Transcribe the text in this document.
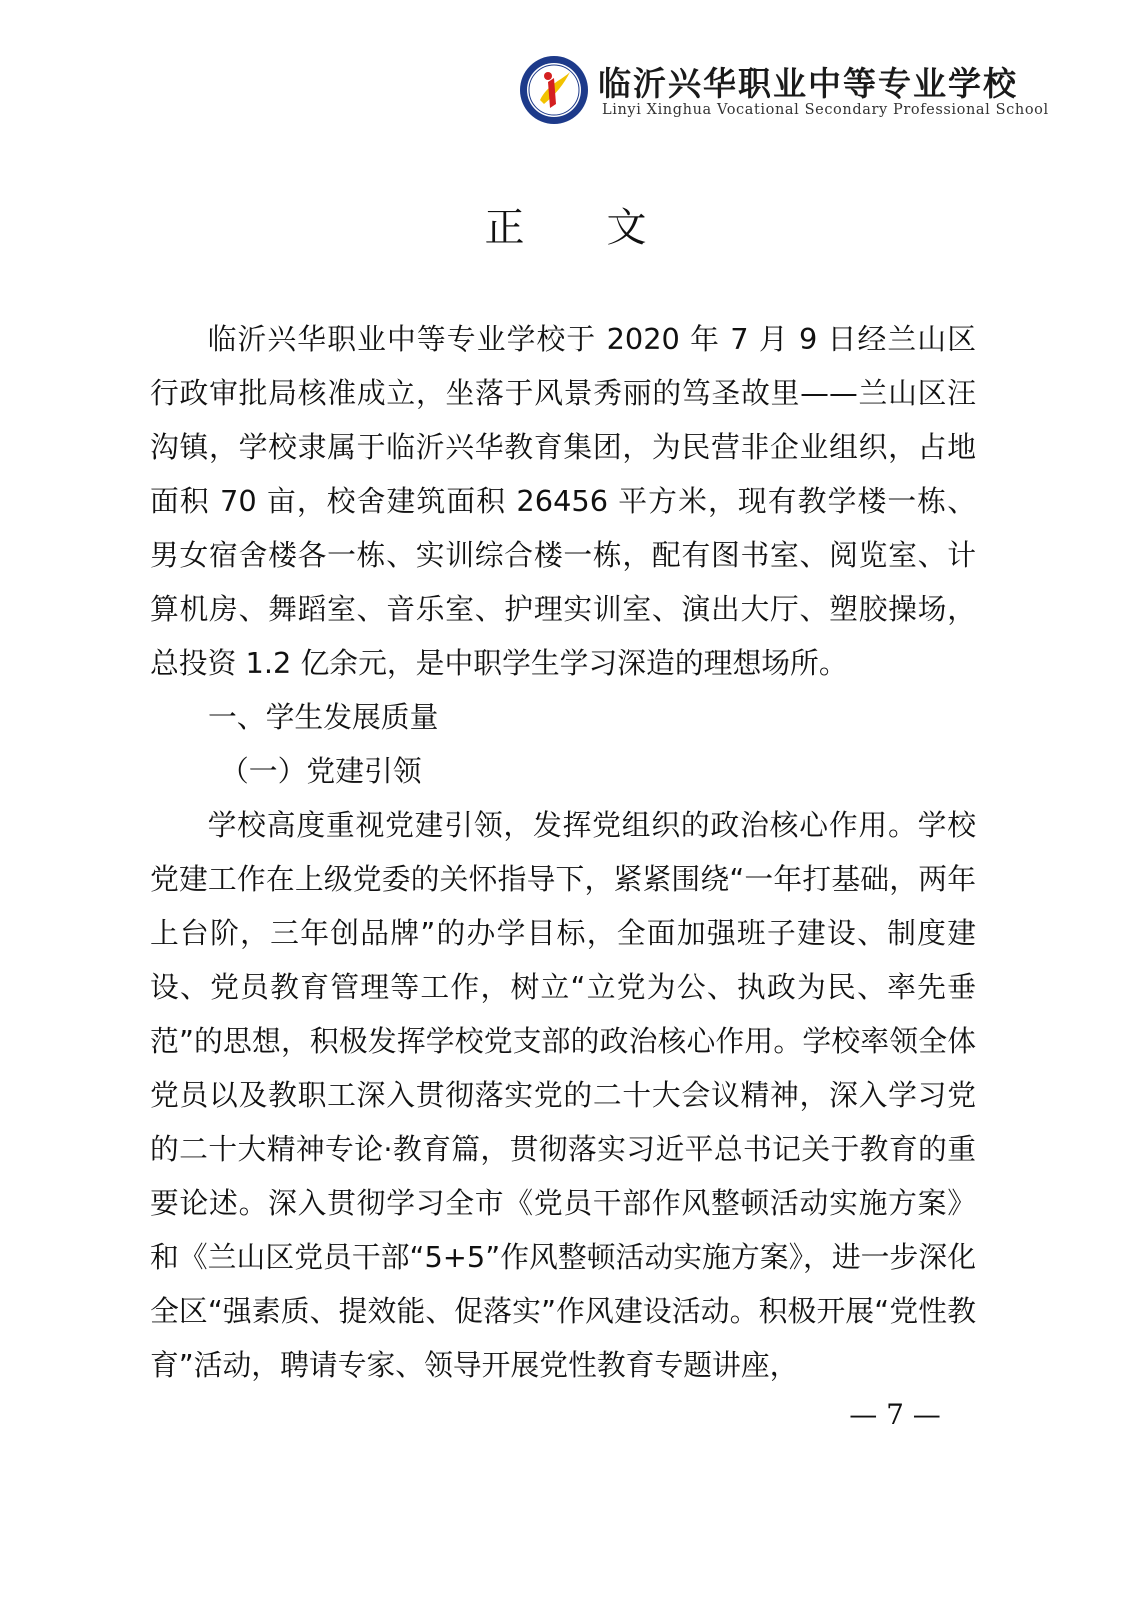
临沂兴华职业中等专业学校
Linyi Xinghua Vocational Secondary Professional School
正文

临沂兴华职业中等专业学校于 2020 年 7 月 9 日经兰山区行政审批局核准成立，坐落于风景秀丽的笃圣故里——兰山区汪沟镇，学校隶属于临沂兴华教育集团，为民营非企业组织，占地面积 70 亩，校舍建筑面积 26456 平方米，现有教学楼一栋、男女宿舍楼各一栋、实训综合楼一栋，配有图书室、阅览室、计算机房、舞蹈室、音乐室、护理实训室、演出大厅、塑胶操场，总投资 1.2 亿余元，是中职学生学习深造的理想场所。

一、学生发展质量
（一）党建引领

学校高度重视党建引领，发挥党组织的政治核心作用。学校党建工作在上级党委的关怀指导下，紧紧围绕“一年打基础，两年上台阶，三年创品牌”的办学目标，全面加强班子建设、制度建设、党员教育管理等工作，树立“立党为公、执政为民、率先垂范”的思想，积极发挥学校党支部的政治核心作用。学校率领全体党员以及教职工深入贯彻落实党的二十大会议精神，深入学习党的二十大精神专论·教育篇，贯彻落实习近平总书记关于教育的重要论述。深入贯彻学习全市《党员干部作风整顿活动实施方案》和《兰山区党员干部“5+5”作风整顿活动实施方案》，进一步深化全区“强素质、提效能、促落实”作风建设活动。积极开展“党性教育”活动，聘请专家、领导开展党性教育专题讲座，

— 7 —
